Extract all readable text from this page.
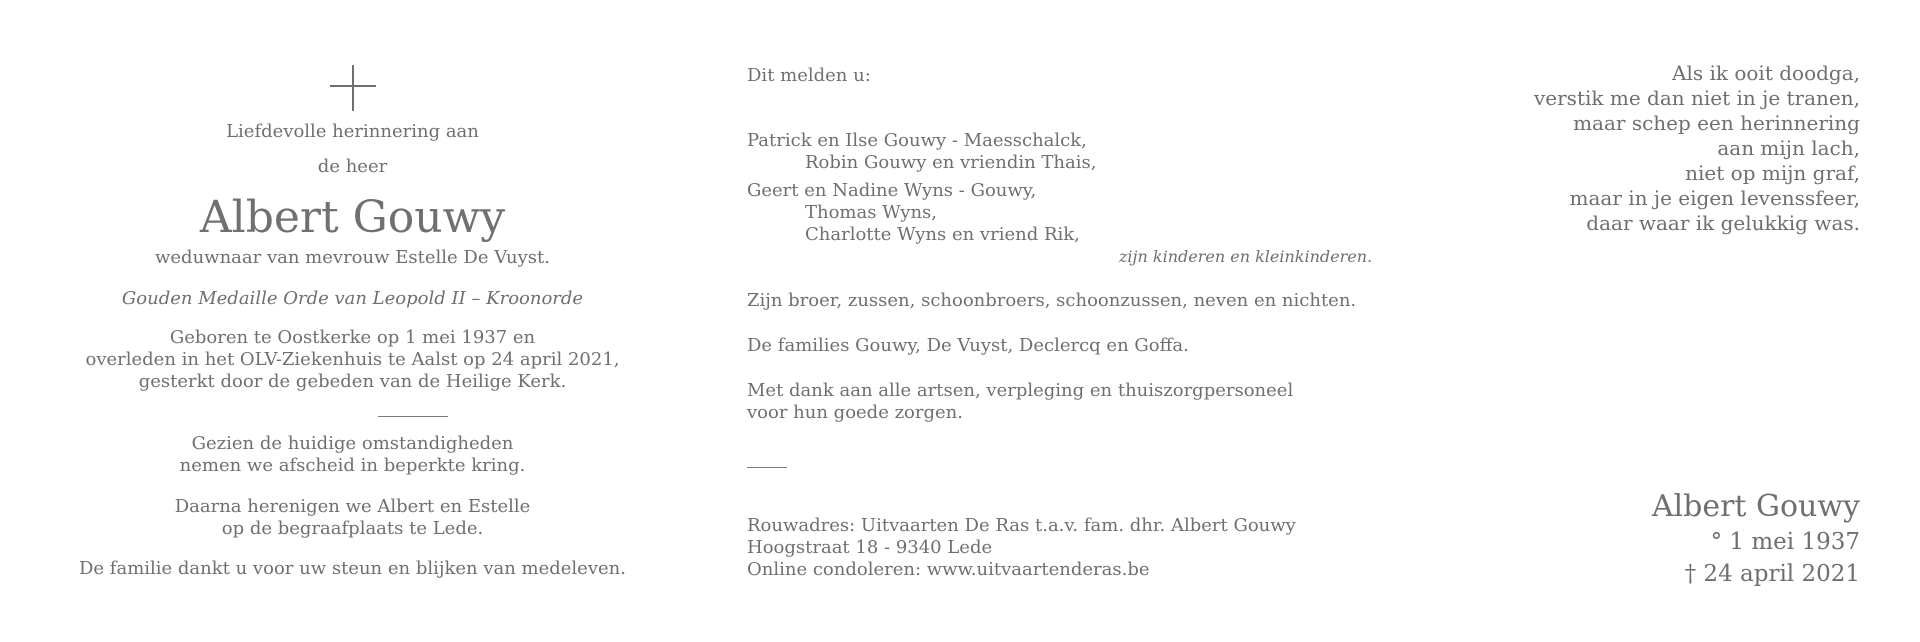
Liefdevolle herinnering aan
de heer
Albert Gouwy
weduwnaar van mevrouw Estelle De Vuyst.
Gouden Medaille Orde van Leopold II – Kroonorde
Geboren te Oostkerke op 1 mei 1937 en
overleden in het OLV-Ziekenhuis te Aalst op 24 april 2021,
gesterkt door de gebeden van de Heilige Kerk.
Gezien de huidige omstandigheden
nemen we afscheid in beperkte kring.
Daarna herenigen we Albert en Estelle
op de begraafplaats te Lede.
De familie dankt u voor uw steun en blijken van medeleven.
Dit melden u:
Patrick en Ilse Gouwy - Maesschalck,
Robin Gouwy en vriendin Thais,
Geert en Nadine Wyns - Gouwy,
Thomas Wyns,
Charlotte Wyns en vriend Rik,
zijn kinderen en kleinkinderen.
Zijn broer, zussen, schoonbroers, schoonzussen, neven en nichten.
De families Gouwy, De Vuyst, Declercq en Goffa.
Met dank aan alle artsen, verpleging en thuiszorgpersoneel
voor hun goede zorgen.
Rouwadres: Uitvaarten De Ras t.a.v. fam. dhr. Albert Gouwy
Hoogstraat 18 - 9340 Lede
Online condoleren: www.uitvaartenderas.be
Als ik ooit doodga,
verstik me dan niet in je tranen,
maar schep een herinnering
aan mijn lach,
niet op mijn graf,
maar in je eigen levenssfeer,
daar waar ik gelukkig was.
Albert Gouwy
° 1 mei 1937
† 24 april 2021
